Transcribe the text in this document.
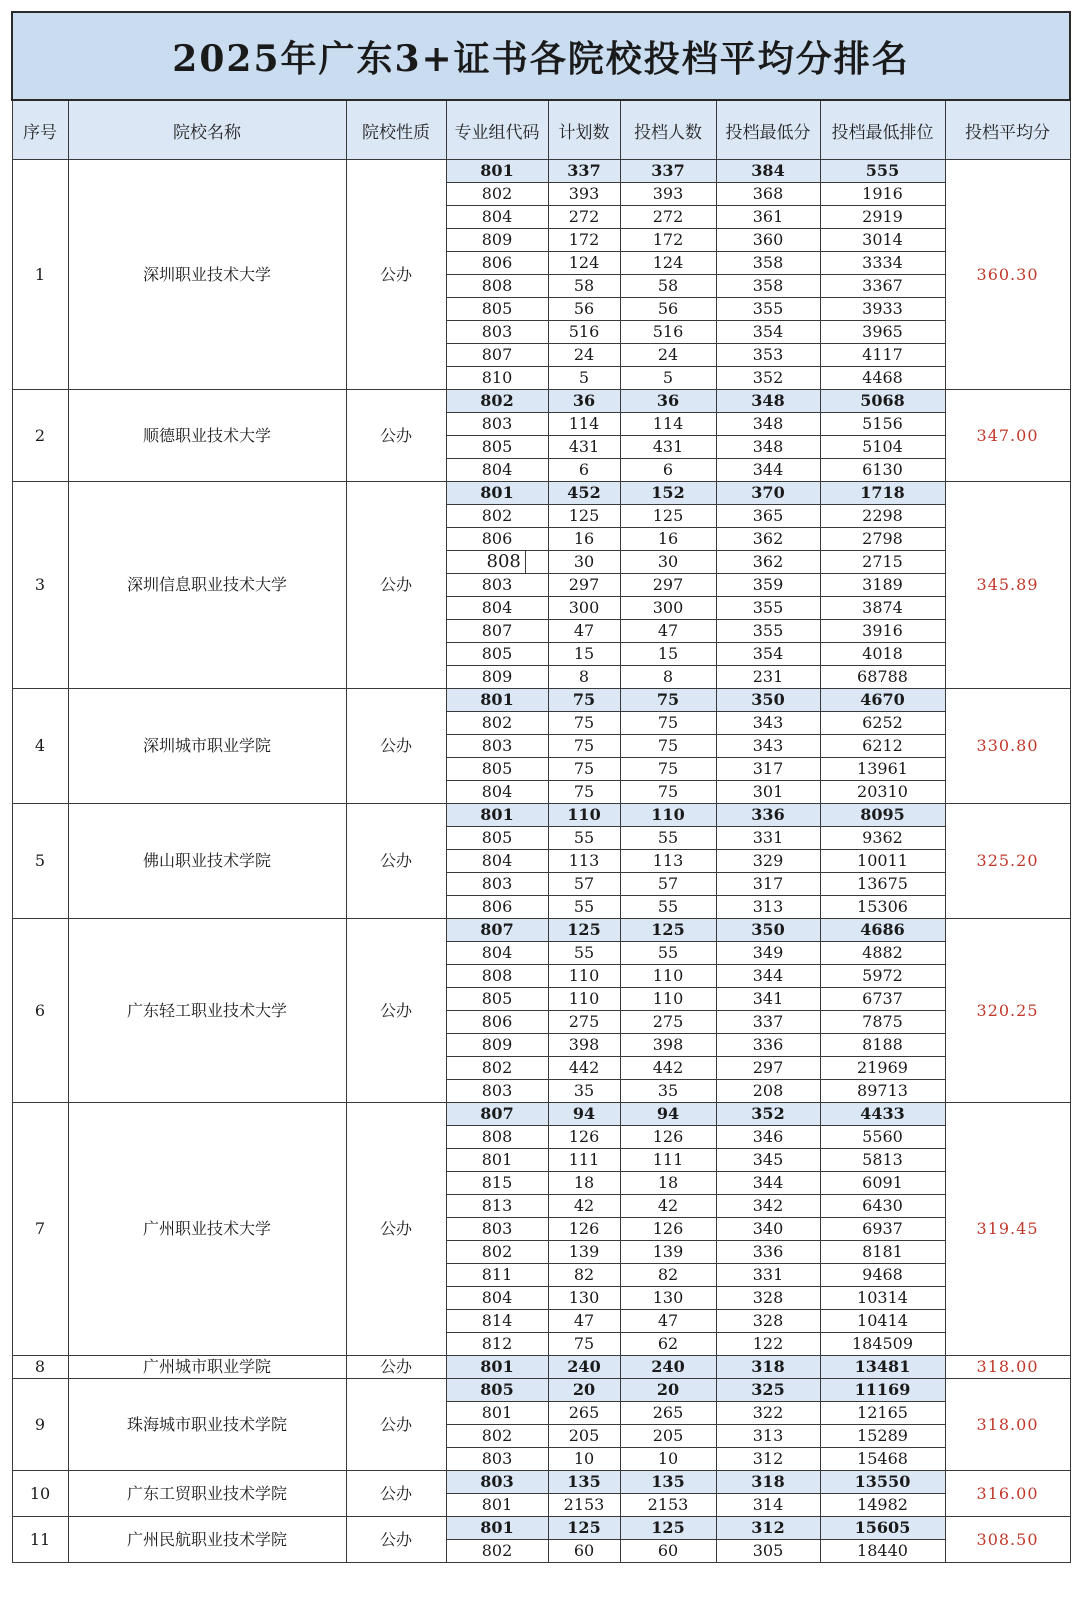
2025年广东3+证书各院校投档平均分排名								
序号	院校名称	院校性质	专业组代码	计划数	投档人数	投档最低分	投档最低排位	投档平均分
1	深圳职业技术大学	公办	801	337	337	384	555	360.30
			802	393	393	368	1916	
			804	272	272	361	2919	
			809	172	172	360	3014	
			806	124	124	358	3334	
			808	58	58	358	3367	
			805	56	56	355	3933	
			803	516	516	354	3965	
			807	24	24	353	4117	
			810	5	5	352	4468	
2	顺德职业技术大学	公办	802	36	36	348	5068	347.00
			803	114	114	348	5156	
			805	431	431	348	5104	
			804	6	6	344	6130	
3	深圳信息职业技术大学	公办	801	452	152	370	1718	345.89
			802	125	125	365	2298	
			806	16	16	362	2798	
			808	30	30	362	2715	
			803	297	297	359	3189	
			804	300	300	355	3874	
			807	47	47	355	3916	
			805	15	15	354	4018	
			809	8	8	231	68788	
4	深圳城市职业学院	公办	801	75	75	350	4670	330.80
			802	75	75	343	6252	
			803	75	75	343	6212	
			805	75	75	317	13961	
			804	75	75	301	20310	
5	佛山职业技术学院	公办	801	110	110	336	8095	325.20
			805	55	55	331	9362	
			804	113	113	329	10011	
			803	57	57	317	13675	
			806	55	55	313	15306	
6	广东轻工职业技术大学	公办	807	125	125	350	4686	320.25
			804	55	55	349	4882	
			808	110	110	344	5972	
			805	110	110	341	6737	
			806	275	275	337	7875	
			809	398	398	336	8188	
			802	442	442	297	21969	
			803	35	35	208	89713	
7	广州职业技术大学	公办	807	94	94	352	4433	319.45
			808	126	126	346	5560	
			801	111	111	345	5813	
			815	18	18	344	6091	
			813	42	42	342	6430	
			803	126	126	340	6937	
			802	139	139	336	8181	
			811	82	82	331	9468	
			804	130	130	328	10314	
			814	47	47	328	10414	
			812	75	62	122	184509	
8	广州城市职业学院	公办	801	240	240	318	13481	318.00
9	珠海城市职业技术学院	公办	805	20	20	325	11169	318.00
			801	265	265	322	12165	
			802	205	205	313	15289	
			803	10	10	312	15468	
10	广东工贸职业技术学院	公办	803	135	135	318	13550	316.00
			801	2153	2153	314	14982	
11	广州民航职业技术学院	公办	801	125	125	312	15605	308.50
			802	60	60	305	18440	
